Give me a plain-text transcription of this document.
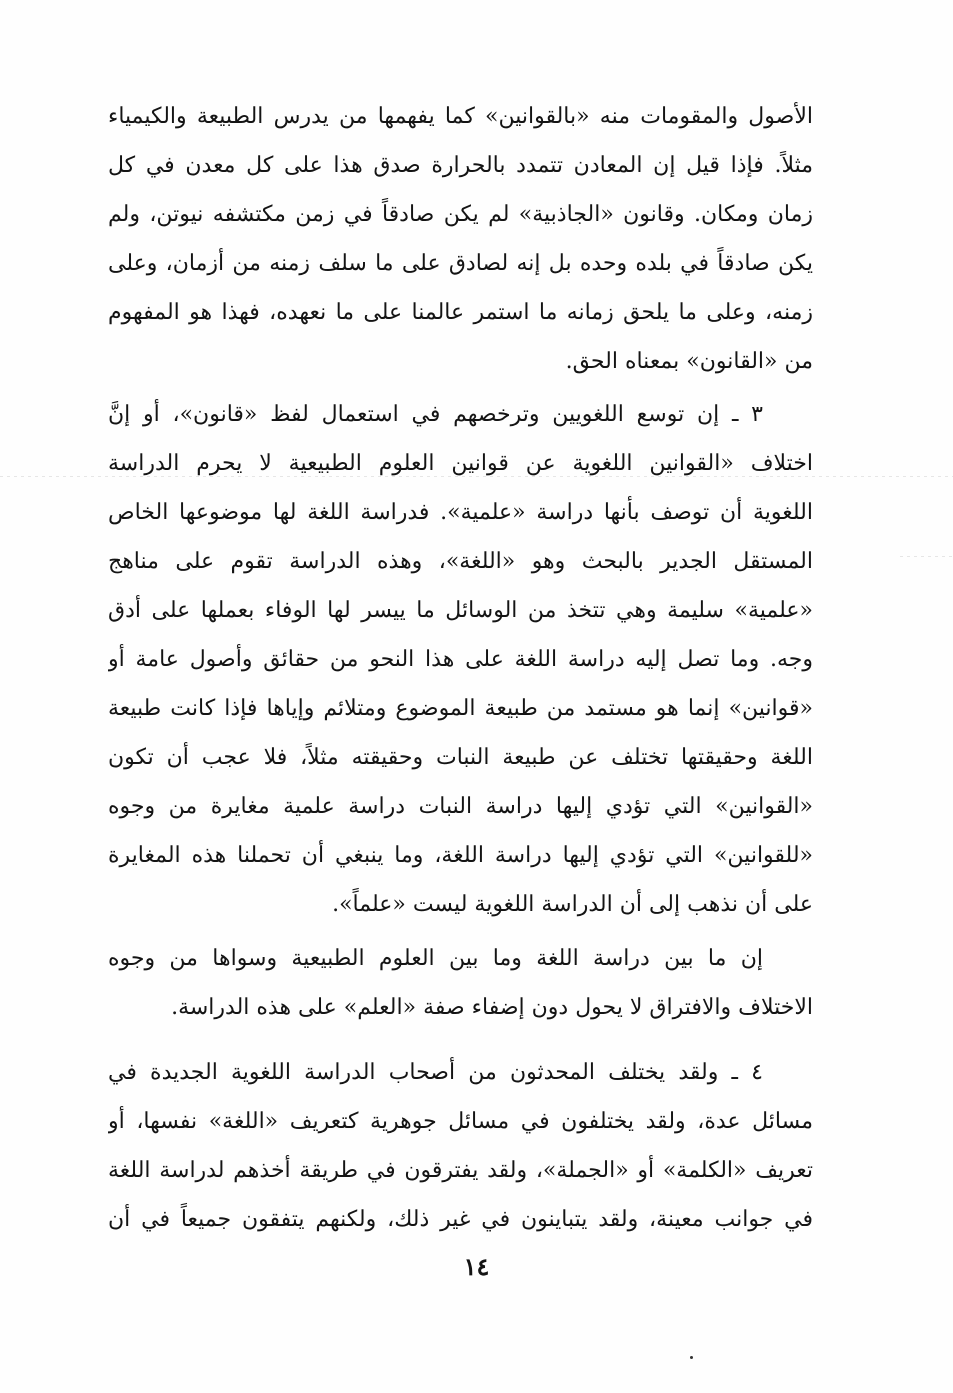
الأصول والمقومات منه «بالقوانين» كما يفهمها من يدرس الطبيعة والكيمياء
مثلاً. فإذا قيل إن المعادن تتمدد بالحرارة صدق هذا على كل معدن في كل
زمان ومكان. وقانون «الجاذبية» لم يكن صادقاً في زمن مكتشفه نيوتن، ولم
يكن صادقاً في بلده وحده بل إنه لصادق على ما سلف زمنه من أزمان، وعلى
زمنه، وعلى ما يلحق زمانه ما استمر عالمنا على ما نعهده، فهذا هو المفهوم
من «القانون» بمعناه الحق.
٣ ـ إن توسع اللغويين وترخصهم في استعمال لفظ «قانون»، أو إنَّ
اختلاف «القوانين اللغوية عن قوانين العلوم الطبيعية لا يحرم الدراسة
اللغوية أن توصف بأنها دراسة «علمية». فدراسة اللغة لها موضوعها الخاص
المستقل الجدير بالبحث وهو «اللغة»، وهذه الدراسة تقوم على مناهج
«علمية» سليمة وهي تتخذ من الوسائل ما ييسر لها الوفاء بعملها على أدق
وجه. وما تصل إليه دراسة اللغة على هذا النحو من حقائق وأصول عامة أو
«قوانين» إنما هو مستمد من طبيعة الموضوع ومتلائم وإياها فإذا كانت طبيعة
اللغة وحقيقتها تختلف عن طبيعة النبات وحقيقته مثلاً، فلا عجب أن تكون
«القوانين» التي تؤدي إليها دراسة النبات دراسة علمية مغايرة من وجوه
«للقوانين» التي تؤدي إليها دراسة اللغة، وما ينبغي أن تحملنا هذه المغايرة
على أن نذهب إلى أن الدراسة اللغوية ليست «علماً».
إن ما بين دراسة اللغة وما بين العلوم الطبيعية وسواها من وجوه
الاختلاف والافتراق لا يحول دون إضفاء صفة «العلم» على هذه الدراسة.
٤ ـ ولقد يختلف المحدثون من أصحاب الدراسة اللغوية الجديدة في
مسائل عدة، ولقد يختلفون في مسائل جوهرية كتعريف «اللغة» نفسها، أو
تعريف «الكلمة» أو «الجملة»، ولقد يفترقون في طريقة أخذهم لدراسة اللغة
في جوانب معينة، ولقد يتباينون في غير ذلك، ولكنهم يتفقون جميعاً في أن
١٤
